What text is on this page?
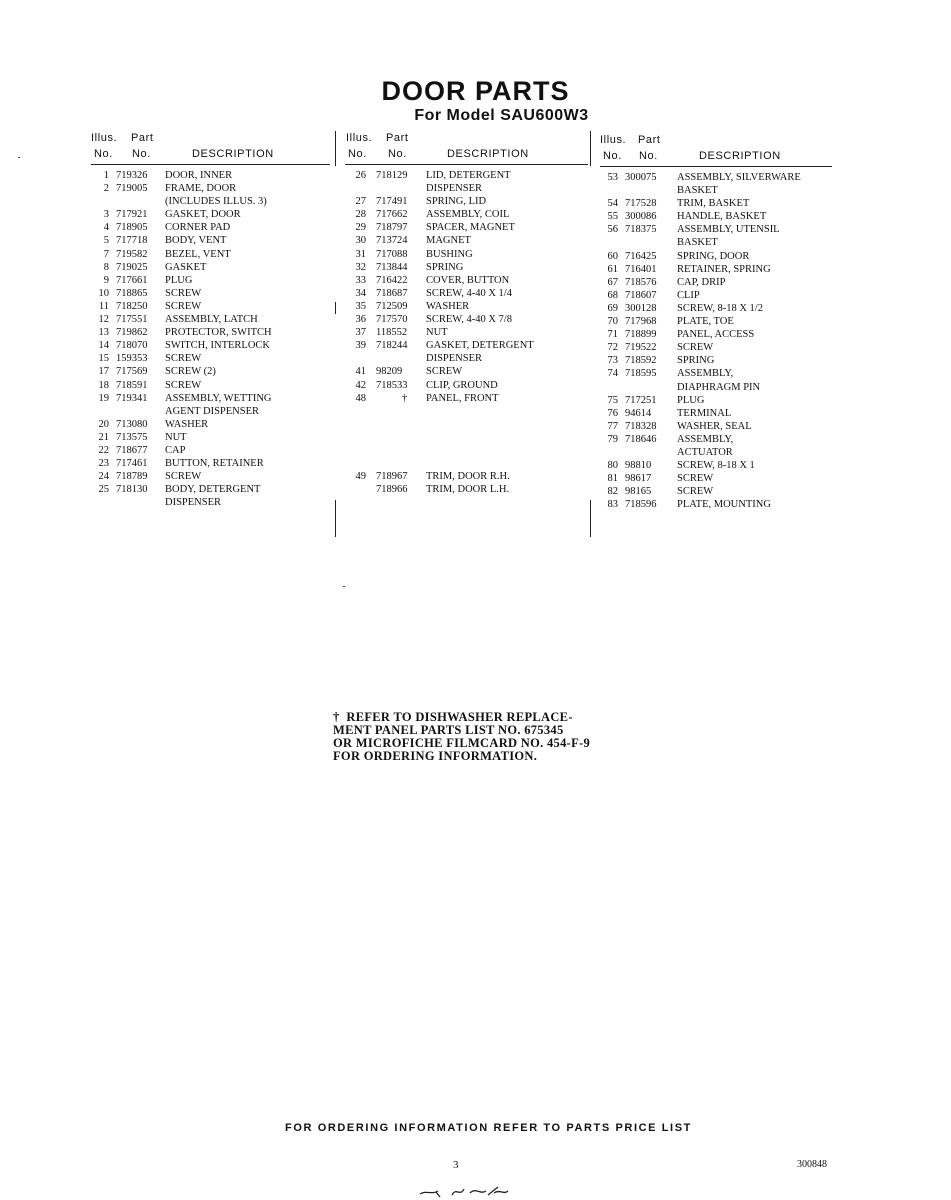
DOOR PARTS
For Model SAU600W3
Illus. Part
No. No.	DESCRIPTION
1 719326 DOOR, INNER
2 719005 FRAME, DOOR
(INCLUDES ILLUS. 3)
3 717921 GASKET, DOOR
4 718905 CORNER PAD
5 717718 BODY, VENT
7 719582 BEZEL, VENT
8 719025 GASKET
9 717661 PLUG
10 718865 SCREW
11 718250 SCREW
12 717551 ASSEMBLY, LATCH
13 719862 PROTECTOR, SWITCH
14 718070 SWITCH, INTERLOCK
15 159353 SCREW
17 717569 SCREW (2)
18 718591 SCREW
19 719341 ASSEMBLY, WETTING
AGENT DISPENSER
20 713080 WASHER
21 713575 NUT
22 718677 CAP
23 717461 BUTTON, RETAINER
24 718789 SCREW
25 718130 BODY, DETERGENT
DISPENSER
Illus. Part
No. No.	DESCRIPTION
26 718129 LID, DETERGENT
DISPENSER
27 717491 SPRING, LID
28 717662 ASSEMBLY, COIL
29 718797 SPACER, MAGNET
30 713724 MAGNET
31 717088 BUSHING
32 713844 SPRING
33 716422 COVER, BUTTON
34 718687 SCREW, 4-40 X 1/4
35 712509 WASHER
36 717570 SCREW, 4-40 X 7/8
37 118552 NUT
39 718244 GASKET, DETERGENT
DISPENSER
41 98209 SCREW
42 718533 CLIP, GROUND
48	† PANEL, FRONT
49 718967 TRIM, DOOR R.H.
718966 TRIM, DOOR L.H.
Illus. Part
No. No.	DESCRIPTION
53 300075 ASSEMBLY, SILVERWARE
BASKET
54 717528 TRIM, BASKET
55 300086 HANDLE, BASKET
56 718375 ASSEMBLY, UTENSIL
BASKET
60 716425 SPRING, DOOR
61 716401 RETAINER, SPRING
67 718576 CAP, DRIP
68 718607 CLIP
69 300128 SCREW, 8-18 X 1/2
70 717968 PLATE, TOE
71 718899 PANEL, ACCESS
72 719522 SCREW
73 718592 SPRING
74 718595 ASSEMBLY,
DIAPHRAGM PIN
75 717251 PLUG
76 94614 TERMINAL
77 718328 WASHER, SEAL
79 718646 ASSEMBLY,
ACTUATOR
80 98810 SCREW, 8-18 X 1
81 98617 SCREW
82 98165 SCREW
83 718596 PLATE, MOUNTING
†  REFER TO DISHWASHER REPLACE-
MENT PANEL PARTS LIST NO. 675345
OR MICROFICHE FILMCARD NO. 454-F-9
FOR ORDERING INFORMATION.
FOR ORDERING INFORMATION REFER TO PARTS PRICE LIST
3	300848
